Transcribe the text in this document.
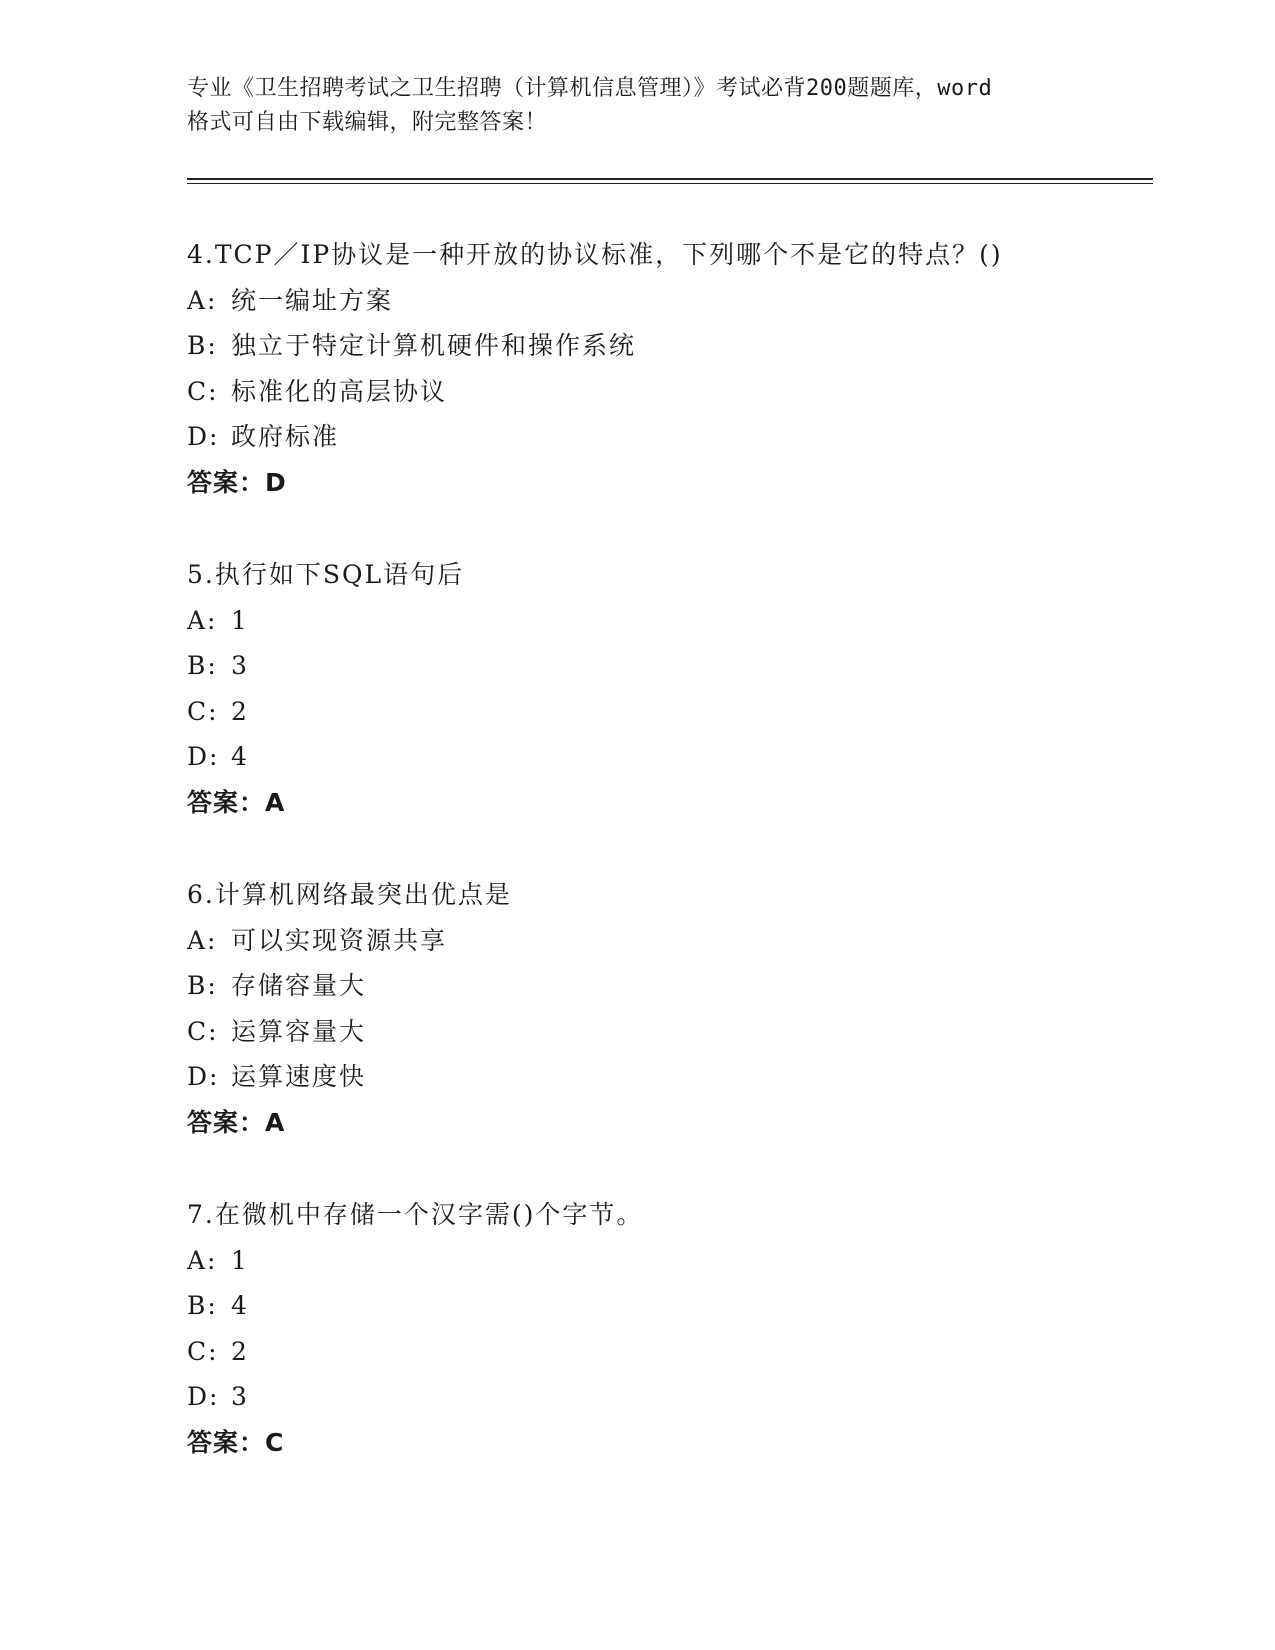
专业《卫生招聘考试之卫生招聘（计算机信息管理）》考试必背200题题库，word
格式可自由下载编辑，附完整答案！
4.TCP／IP协议是一种开放的协议标准，下列哪个不是它的特点？()
A: 统一编址方案
B: 独立于特定计算机硬件和操作系统
C: 标准化的高层协议
D: 政府标准
答案：D
5.执行如下SQL语句后
A: 1
B: 3
C: 2
D: 4
答案：A
6.计算机网络最突出优点是
A: 可以实现资源共享
B: 存储容量大
C: 运算容量大
D: 运算速度快
答案：A
7.在微机中存储一个汉字需()个字节。
A: 1
B: 4
C: 2
D: 3
答案：C
